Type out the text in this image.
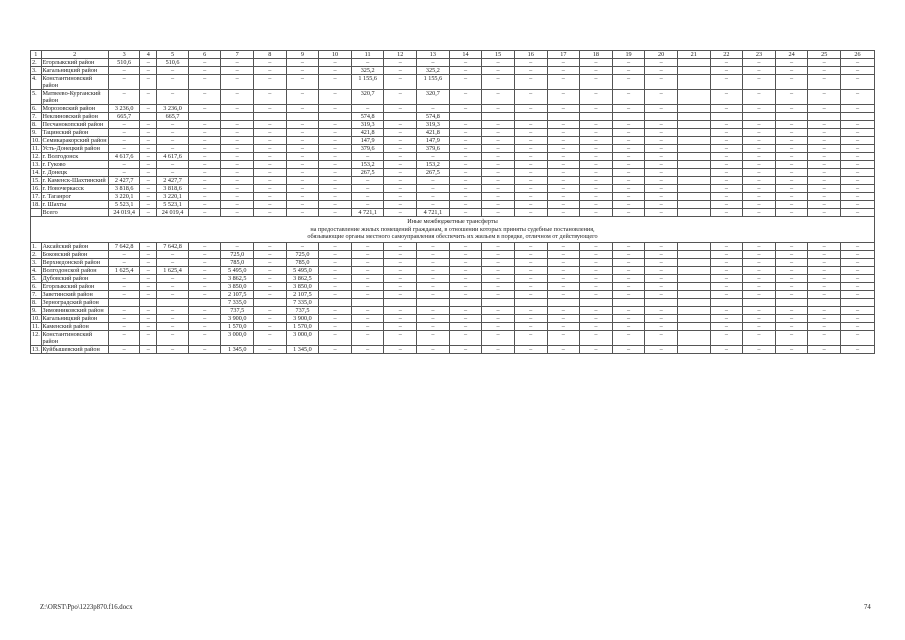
1	2	3	4	5	6	7	8	9	10	11	12	13	14	15	16	17	18	19	20	21	22	23	24	25	26
2.	Егорлыкский район	510,6	–	510,6	–	–	–	–	–	–	–	–	–	–	–	–	–	–	–		–	–	–	–	–
3.	Кагальницкий район	–	–	–	–	–	–	–	–	325,2	–	325,2	–	–	–	–	–	–	–		–	–	–	–	–
4.	Константиновский район	–	–	–	–	–	–	–	–	1 155,6	–	1 155,6	–	–	–	–	–	–	–		–	–	–	–	–
5.	Матвеево-Курганский район	–	–	–	–	–	–	–	–	320,7	–	320,7	–	–	–	–	–	–	–		–	–	–	–	–
6.	Морозовский район	3 236,0	–	3 236,0	–	–	–	–	–	–	–	–	–	–	–	–	–	–	–		–	–	–	–	–
7.	Неклиновский район	665,7		665,7						574,8		574,8													
8.	Песчанокопский район	–	–	–	–	–	–	–	–	319,3	–	319,3	–	–	–	–	–	–	–		–	–	–	–	–
9.	Тацинский район	–	–	–	–	–	–	–	–	421,8	–	421,8	–	–	–	–	–	–	–		–	–	–	–	–
10.	Семикаракорский район	–	–	–	–	–	–	–	–	147,9	–	147,9	–	–	–	–	–	–	–		–	–	–	–	–
11.	Усть-Донецкий район	–	–	–	–	–	–	–	–	379,6	–	379,6	–	–	–	–	–	–	–		–	–	–	–	–
12.	г. Волгодонск	4 617,6	–	4 617,6	–	–	–	–	–	–	–	–	–	–	–	–	–	–	–		–	–	–	–	–
13.	г. Гуково	–	–	–	–	–	–	–	–	153,2	–	153,2	–	–	–	–	–	–	–		–	–	–	–	–
14.	г. Донецк	–	–	–	–	–	–	–	–	267,5	–	267,5	–	–	–	–	–	–	–		–	–	–	–	–
15.	г. Каменск-Шахтинский	2 427,7	–	2 427,7	–	–	–	–	–	–	–	–	–	–	–	–	–	–	–		–	–	–	–	–
16.	г. Новочеркасск	3 818,6	–	3 818,6	–	–	–	–	–	–	–	–	–	–	–	–	–	–	–		–	–	–	–	–
17.	г. Таганрог	3 220,1	–	3 220,1	–	–	–	–	–	–	–	–	–	–	–	–	–	–	–		–	–	–	–	–
18.	г. Шахты	5 523,1	–	5 523,1	–	–	–	–	–	–	–	–	–	–	–	–	–	–	–		–	–	–	–	–
	Всего	24 019,4	–	24 019,4	–	–	–	–	–	4 721,1	–	4 721,1	–	–	–	–	–	–	–		–	–	–	–	–

Иные межбюджетные трансферты
на предоставление жилых помещений гражданам, в отношении которых приняты судебные постановления,
обязывающие органы местного самоуправления обеспечить их жильем в порядке, отличном от действующего																									

1.	Аксайский район	7 642,8	–	7 642,8	–	–	–	–	–	–	–	–	–	–	–	–	–	–	–		–	–	–	–	–
2.	Боковский район	–	–	–	–	725,0	–	725,0	–	–	–	–	–	–	–	–	–	–	–		–	–	–	–	–
3.	Верхнедонской район	–	–	–	–	785,0	–	785,0	–	–	–	–	–	–	–	–	–	–	–		–	–	–	–	–
4.	Волгодонской район	1 625,4	–	1 625,4	–	5 495,0	–	5 495,0	–	–	–	–	–	–	–	–	–	–	–		–	–	–	–	–
5.	Дубовский район	–	–	–	–	3 862,5	–	3 862,5	–	–	–	–	–	–	–	–	–	–	–		–	–	–	–	–
6.	Егорлыкский район	–	–	–	–	3 850,0	–	3 850,0	–	–	–	–	–	–	–	–	–	–	–		–	–	–	–	–
7.	Заветинский район	–	–	–	–	2 107,5	–	2 107,5	–	–	–	–	–	–	–	–	–	–	–		–	–	–	–	–
8.	Зерноградский район					7 335,0		7 335,0																	
9.	Зимовниковский район	–	–	–	–	737,5	–	737,5	–	–	–	–	–	–	–	–	–	–	–		–	–	–	–	–
10.	Кагальницкий район	–	–	–	–	3 900,0	–	3 900,0	–	–	–	–	–	–	–	–	–	–	–		–	–	–	–	–
11.	Каменский район	–	–	–	–	1 570,0	–	1 570,0	–	–	–	–	–	–	–	–	–	–	–		–	–	–	–	–
12.	Константиновский район	–	–	–	–	3 000,0	–	3 000,0	–	–	–	–	–	–	–	–	–	–	–		–	–	–	–	–
13.	Куйбышевский район	–	–	–	–	1 345,0	–	1 345,0	–	–	–	–	–	–	–	–	–	–	–		–	–	–	–	–
Z:\ORST\Ppo\1223p870.f16.docx	74
